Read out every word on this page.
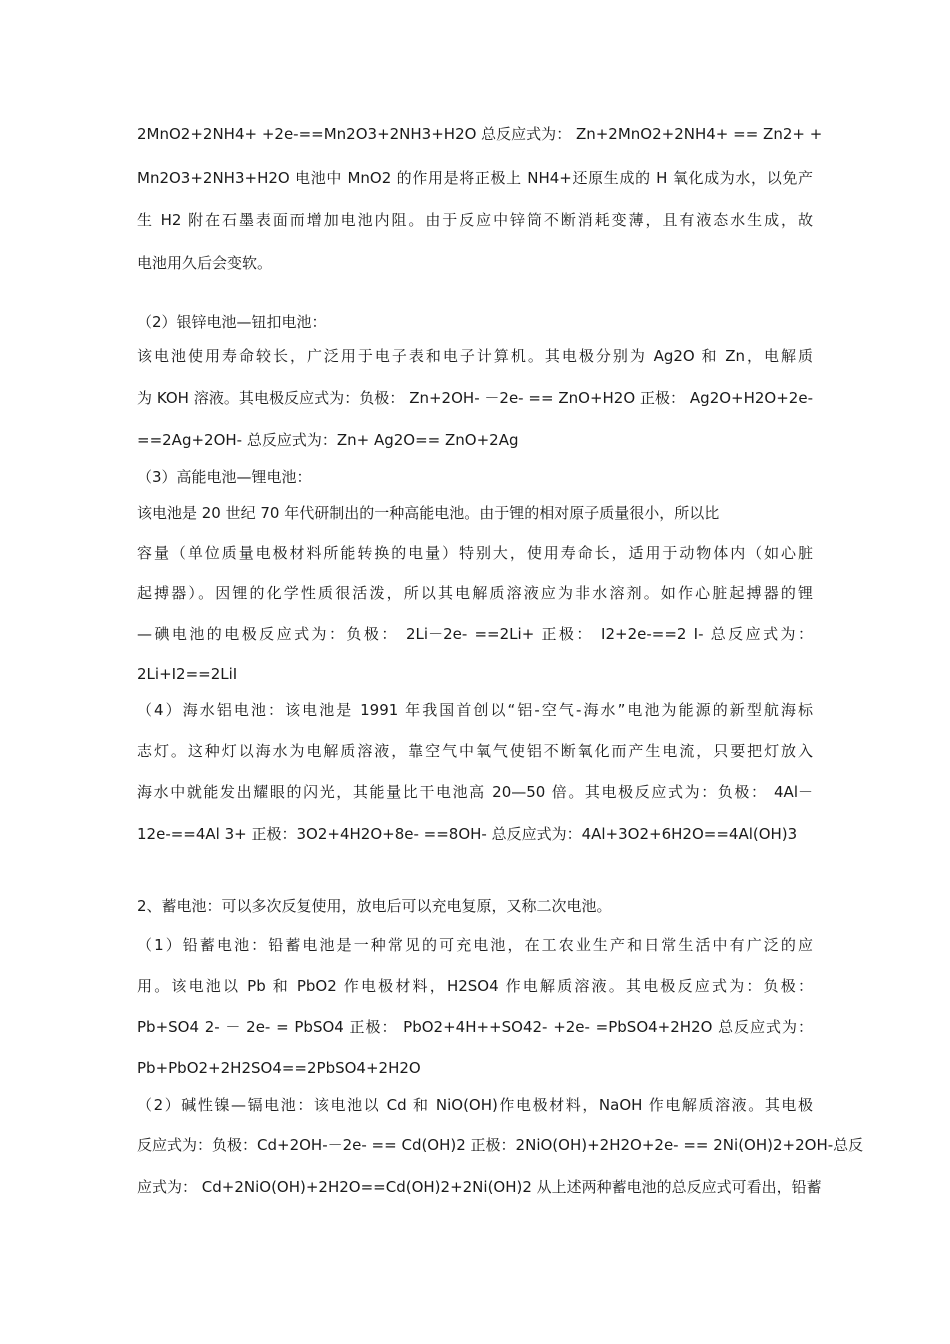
2MnO2+2NH4+ +2e-==Mn2O3+2NH3+H2O 总反应式为： Zn+2MnO2+2NH4+ == Zn2+ +
Mn2O3+2NH3+H2O 电池中 MnO2 的作用是将正极上 NH4+还原生成的 H 氧化成为水，以免产
生 H2 附在石墨表面而增加电池内阻。由于反应中锌筒不断消耗变薄，且有液态水生成，故
电池用久后会变软。
（2）银锌电池—钮扣电池：
该电池使用寿命较长，广泛用于电子表和电子计算机。其电极分别为 Ag2O 和 Zn，电解质
为 KOH 溶液。其电极反应式为：负极： Zn+2OH- －2e- == ZnO+H2O 正极： Ag2O+H2O+2e-
==2Ag+2OH- 总反应式为：Zn+ Ag2O== ZnO+2Ag
（3）高能电池—锂电池：
该电池是 20 世纪 70 年代研制出的一种高能电池。由于锂的相对原子质量很小，所以比
容量（单位质量电极材料所能转换的电量）特别大，使用寿命长，适用于动物体内（如心脏
起搏器）。因锂的化学性质很活泼，所以其电解质溶液应为非水溶剂。如作心脏起搏器的锂
—碘电池的电极反应式为：负极： 2Li－2e- ==2Li+ 正极： I2+2e-==2 I- 总反应式为：
2Li+I2==2LiI
（4）海水铝电池：该电池是 1991 年我国首创以“铝-空气-海水”电池为能源的新型航海标
志灯。这种灯以海水为电解质溶液，靠空气中氧气使铝不断氧化而产生电流，只要把灯放入
海水中就能发出耀眼的闪光，其能量比干电池高 20—50 倍。其电极反应式为：负极： 4Al－
12e-==4Al 3+ 正极：3O2+4H2O+8e- ==8OH- 总反应式为：4Al+3O2+6H2O==4Al(OH)3
2、蓄电池：可以多次反复使用，放电后可以充电复原，又称二次电池。
（1）铅蓄电池：铅蓄电池是一种常见的可充电池，在工农业生产和日常生活中有广泛的应
用。该电池以 Pb 和 PbO2 作电极材料，H2SO4 作电解质溶液。其电极反应式为：负极：
Pb+SO4 2- － 2e- = PbSO4 正极： PbO2+4H++SO42- +2e- =PbSO4+2H2O 总反应式为：
Pb+PbO2+2H2SO4==2PbSO4+2H2O
（2）碱性镍—镉电池：该电池以 Cd 和 NiO(OH)作电极材料，NaOH 作电解质溶液。其电极
反应式为：负极：Cd+2OH-－2e- == Cd(OH)2 正极：2NiO(OH)+2H2O+2e- == 2Ni(OH)2+2OH-总反
应式为： Cd+2NiO(OH)+2H2O==Cd(OH)2+2Ni(OH)2 从上述两种蓄电池的总反应式可看出，铅蓄
